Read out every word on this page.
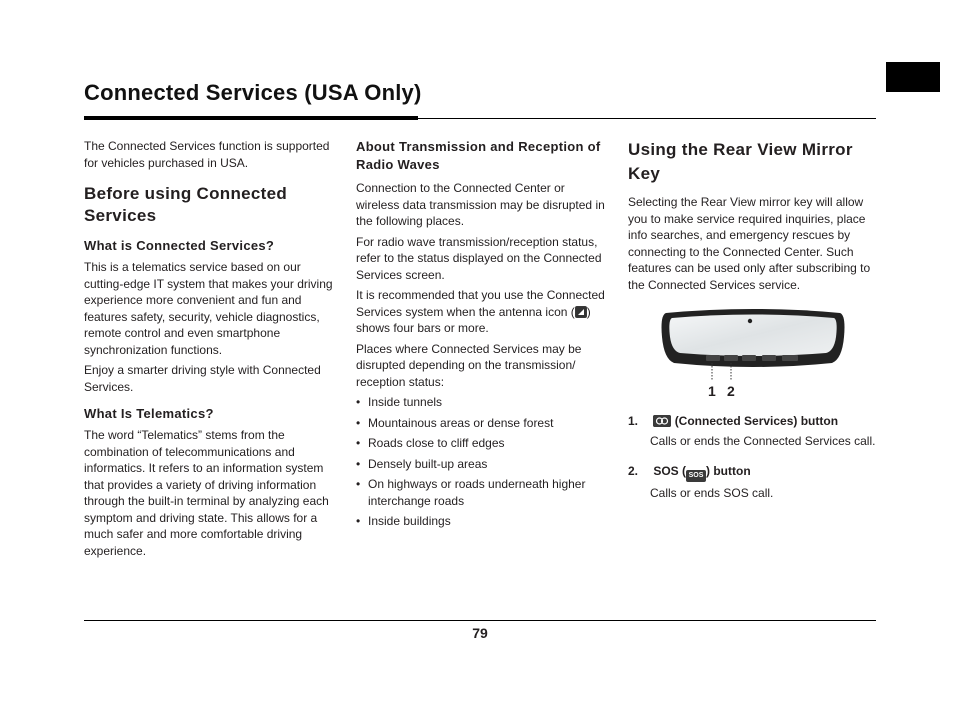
Connected Services (USA Only)

The Connected Services function is supported for vehicles purchased in USA.

Before using Connected Services
What is Connected Services?

This is a telematics service based on our cutting-edge IT system that makes your driving experience more convenient and fun and features safety, security, vehicle diagnostics, remote control and even smartphone synchronization functions.

Enjoy a smarter driving style with Connected Services.

What Is Telematics?

The word “Telematics” stems from the combination of telecommunications and informatics. It refers to an information system that provides a variety of driving information through the built-in terminal by analyzing each symptom and driving state. This allows for a much safer and more comfortable driving experience.

About Transmission and Reception of Radio Waves

Connection to the Connected Center or wireless data transmission may be disrupted in the following places.

For radio wave transmission/reception status, refer to the status displayed on the Connected Services screen.

It is recommended that you use the Connected Services system when the antenna icon ( ) shows four bars or more.

Places where Connected Services may be disrupted depending on the transmission/ reception status:

• Inside tunnels
• Mountainous areas or dense forest
• Roads close to cliff edges
• Densely built-up areas
• On highways or roads underneath higher interchange roads
• Inside buildings
Using the Rear View Mirror Key

Selecting the Rear View mirror key will allow you to make service required inquiries, place info searches, and emergency rescues by connecting to the Connected Center. Such features can be used only after subscribing to the Connected Services service.

1 2
1.	(Connected Services) button
Calls or ends the Connected Services call.
2. SOS ( SOS ) button
Calls or ends SOS call.
79
